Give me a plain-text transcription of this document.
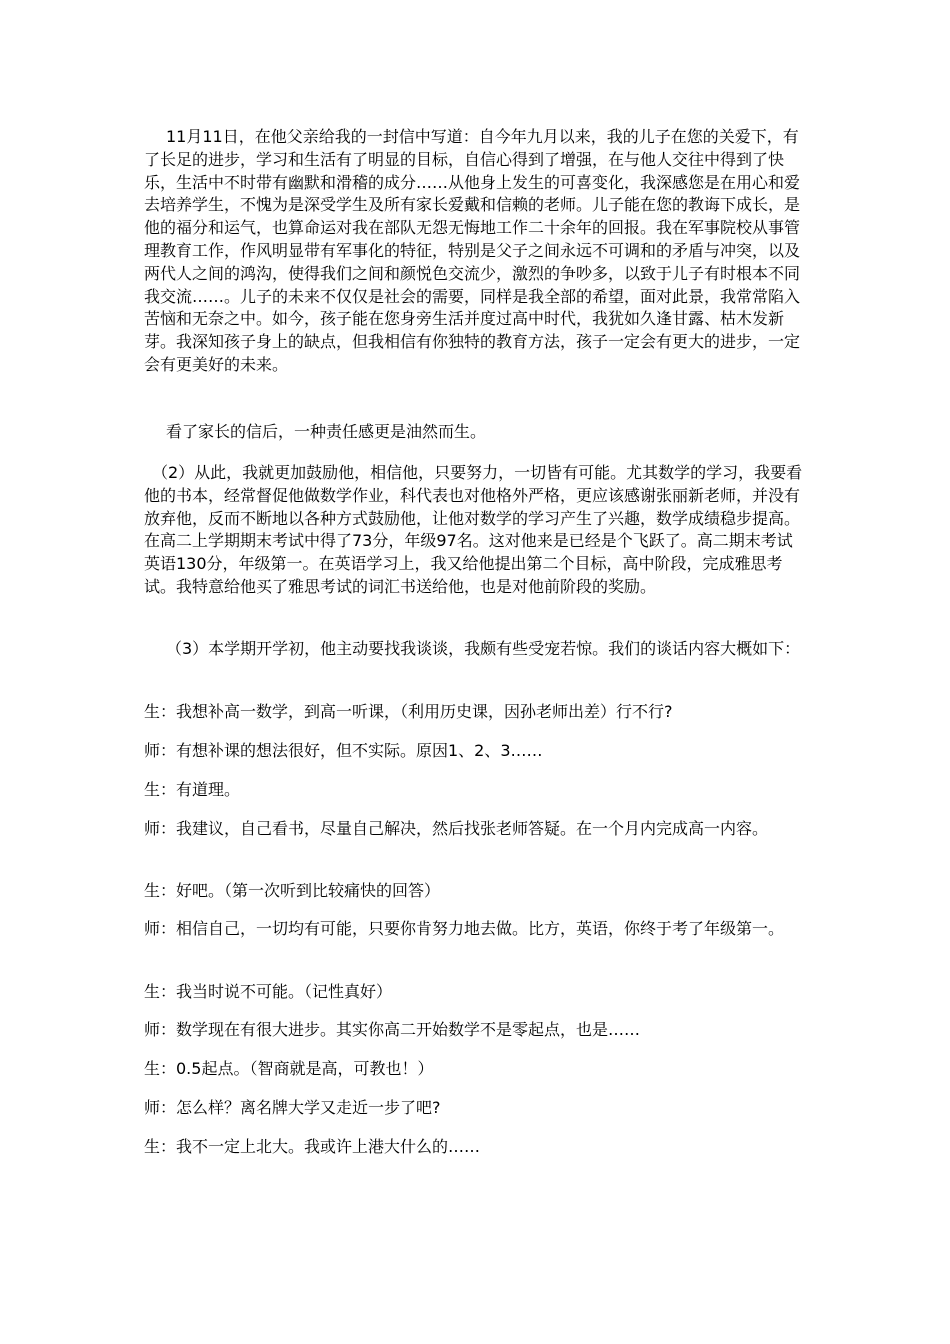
11月11日，在他父亲给我的一封信中写道：自今年九月以来，我的儿子在您的关爱下，有了长足的进步，学习和生活有了明显的目标，自信心得到了增强，在与他人交往中得到了快乐，生活中不时带有幽默和滑稽的成分……从他身上发生的可喜变化，我深感您是在用心和爱去培养学生，不愧为是深受学生及所有家长爱戴和信赖的老师。儿子能在您的教诲下成长，是他的福分和运气，也算命运对我在部队无怨无悔地工作二十余年的回报。我在军事院校从事管理教育工作，作风明显带有军事化的特征，特别是父子之间永远不可调和的矛盾与冲突，以及两代人之间的鸿沟，使得我们之间和颜悦色交流少，激烈的争吵多，以致于儿子有时根本不同我交流……。儿子的未来不仅仅是社会的需要，同样是我全部的希望，面对此景，我常常陷入苦恼和无奈之中。如今，孩子能在您身旁生活并度过高中时代，我犹如久逢甘露、枯木发新芽。我深知孩子身上的缺点，但我相信有你独特的教育方法，孩子一定会有更大的进步，一定会有更美好的未来。

看了家长的信后，一种责任感更是油然而生。

（2）从此，我就更加鼓励他，相信他，只要努力，一切皆有可能。尤其数学的学习，我要看他的书本，经常督促他做数学作业，科代表也对他格外严格，更应该感谢张丽新老师，并没有放弃他，反而不断地以各种方式鼓励他，让他对数学的学习产生了兴趣，数学成绩稳步提高。在高二上学期期末考试中得了73分，年级97名。这对他来是已经是个飞跃了。高二期末考试英语130分，年级第一。在英语学习上，我又给他提出第二个目标，高中阶段，完成雅思考试。我特意给他买了雅思考试的词汇书送给他，也是对他前阶段的奖励。

（3）本学期开学初，他主动要找我谈谈，我颇有些受宠若惊。我们的谈话内容大概如下：

生：我想补高一数学，到高一听课，（利用历史课，因孙老师出差）行不行?

师：有想补课的想法很好，但不实际。原因1、2、3……

生：有道理。

师：我建议，自己看书，尽量自己解决，然后找张老师答疑。在一个月内完成高一内容。

生：好吧。（第一次听到比较痛快的回答）

师：相信自己，一切均有可能，只要你肯努力地去做。比方，英语，你终于考了年级第一。

生：我当时说不可能。（记性真好）

师：数学现在有很大进步。其实你高二开始数学不是零起点，也是……

生：0.5起点。（智商就是高，可教也！）

师：怎么样？离名牌大学又走近一步了吧?

生：我不一定上北大。我或许上港大什么的……
